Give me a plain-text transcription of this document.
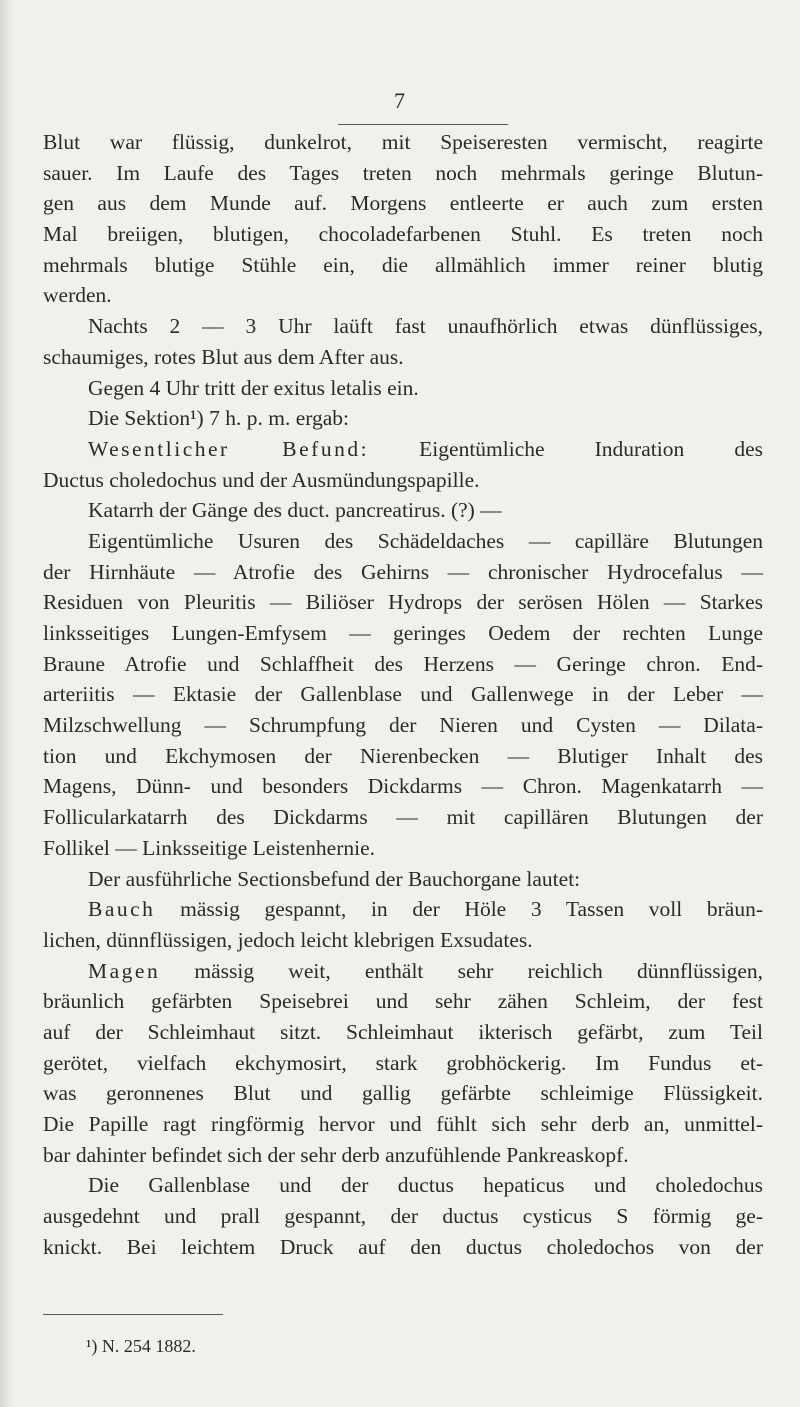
7
Blut war flüssig, dunkelrot, mit Speiseresten vermischt, reagirte
sauer. Im Laufe des Tages treten noch mehrmals geringe Blutun-
gen aus dem Munde auf. Morgens entleerte er auch zum ersten
Mal breiigen, blutigen, chocoladefarbenen Stuhl. Es treten noch
mehrmals blutige Stühle ein, die allmählich immer reiner blutig
werden.
Nachts 2 — 3 Uhr laüft fast unaufhörlich etwas dünflüssiges,
schaumiges, rotes Blut aus dem After aus.
Gegen 4 Uhr tritt der exitus letalis ein.
Die Sektion¹) 7 h. p. m. ergab:
Wesentlicher Befund: Eigentümliche Induration des
Ductus choledochus und der Ausmündungspapille.
Katarrh der Gänge des duct. pancreatirus. (?) —
Eigentümliche Usuren des Schädeldaches — capilläre Blutungen
der Hirnhäute — Atrofie des Gehirns — chronischer Hydrocefalus —
Residuen von Pleuritis — Biliöser Hydrops der serösen Hölen — Starkes
linksseitiges Lungen-Emfysem — geringes Oedem der rechten Lunge
Braune Atrofie und Schlaffheit des Herzens — Geringe chron. End-
arteriitis — Ektasie der Gallenblase und Gallenwege in der Leber —
Milzschwellung — Schrumpfung der Nieren und Cysten — Dilata-
tion und Ekchymosen der Nierenbecken — Blutiger Inhalt des
Magens, Dünn- und besonders Dickdarms — Chron. Magenkatarrh —
Follicularkatarrh des Dickdarms — mit capillären Blutungen der
Follikel — Linksseitige Leistenhernie.
Der ausführliche Sectionsbefund der Bauchorgane lautet:
Bauch mässig gespannt, in der Höle 3 Tassen voll bräun-
lichen, dünnflüssigen, jedoch leicht klebrigen Exsudates.
Magen mässig weit, enthält sehr reichlich dünnflüssigen,
bräunlich gefärbten Speisebrei und sehr zähen Schleim, der fest
auf der Schleimhaut sitzt. Schleimhaut ikterisch gefärbt, zum Teil
gerötet, vielfach ekchymosirt, stark grobhöckerig. Im Fundus et-
was geronnenes Blut und gallig gefärbte schleimige Flüssigkeit.
Die Papille ragt ringförmig hervor und fühlt sich sehr derb an, unmittel-
bar dahinter befindet sich der sehr derb anzufühlende Pankreaskopf.
Die Gallenblase und der ductus hepaticus und choledochus
ausgedehnt und prall gespannt, der ductus cysticus S förmig ge-
knickt. Bei leichtem Druck auf den ductus choledochos von der
¹) N. 254 1882.
